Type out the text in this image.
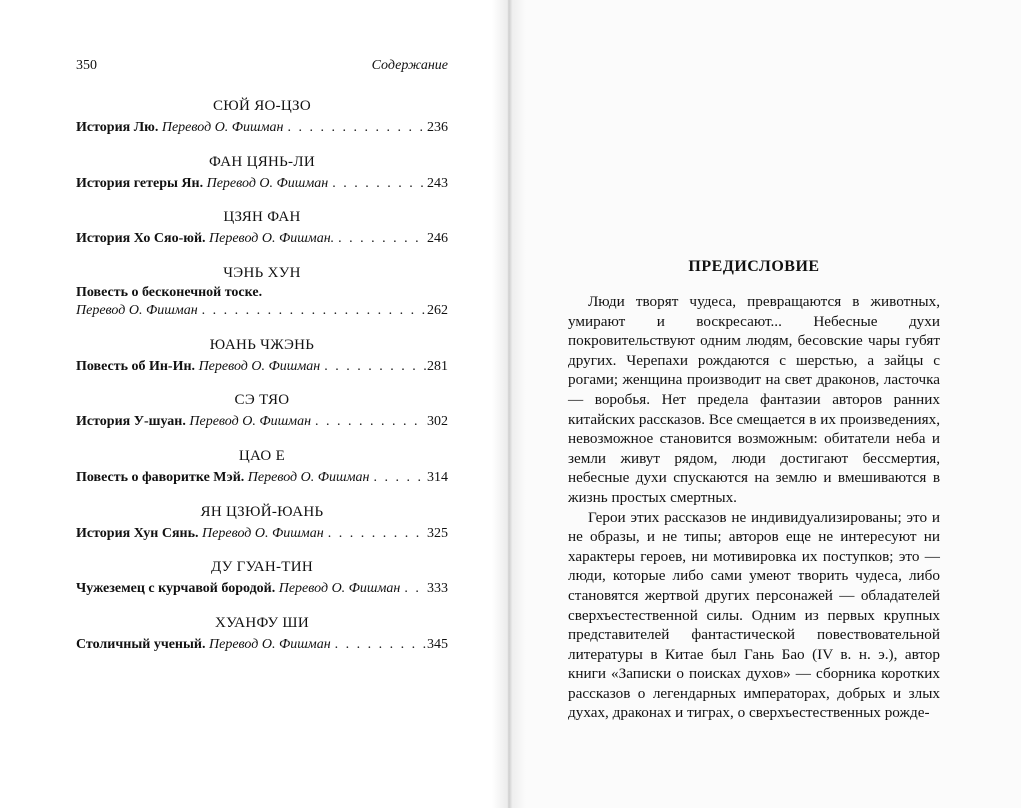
350	Содержание
СЮЙ ЯО-ЦЗО
История Лю.
Перевод О. Фишман . . .	236
ФАН ЦЯНЬ-ЛИ
История гетеры Ян.
Перевод О. Фишман . . .	243
ЦЗЯН ФАН
История Хо Сяо-юй.
Перевод О. Фишман. . . .	246
ЧЭНЬ ХУН
Повесть о бесконечной тоске.
Перевод О. Фишман . . .	262
ЮАНЬ ЧЖЭНЬ
Повесть об Ин-Ин.
Перевод О. Фишман . . .	281
СЭ ТЯО
История У-шуан.
Перевод О. Фишман . . .	302
ЦАО Е
Повесть о фаворитке Мэй.
Перевод О. Фишман . . .	314
ЯН ЦЗЮЙ-ЮАНЬ
История Хун Сянь.
Перевод О. Фишман . . .	325
ДУ ГУАН-ТИН
Чужеземец с курчавой бородой.
Перевод О. Фишман . . . 333
ХУАНФУ ШИ
Столичный ученый.
Перевод О. Фишман . . .	345
ПРЕДИСЛОВИЕ

Люди творят чудеса, превращаются в животных, умирают и воскресают... Небесные духи покровительствуют одним людям, бесовские чары губят других. Черепахи рождаются с шерстью, а зайцы с рогами; женщина производит на свет драконов, ласточка — воробья. Нет предела фантазии авторов ранних китайских рассказов. Все смещается в их произведениях, невозможное становится возможным: обитатели неба и земли живут рядом, люди достигают бессмертия, небесные духи спускаются на землю и вмешиваются в жизнь простых смертных.

Герои этих рассказов не индивидуализированы; это и не образы, и не типы; авторов еще не интересуют ни характеры героев, ни мотивировка их поступков; это — люди, которые либо сами умеют творить чудеса, либо становятся жертвой других персонажей — обладателей сверхъестественной силы. Одним из первых крупных представителей фантастической повествовательной литературы в Китае был Гань Бао (IV в. н. э.), автор книги «Записки о поисках духов» — сборника коротких рассказов о легендарных императорах, добрых и злых духах, драконах и тиграх, о сверхъестественных рожде-
